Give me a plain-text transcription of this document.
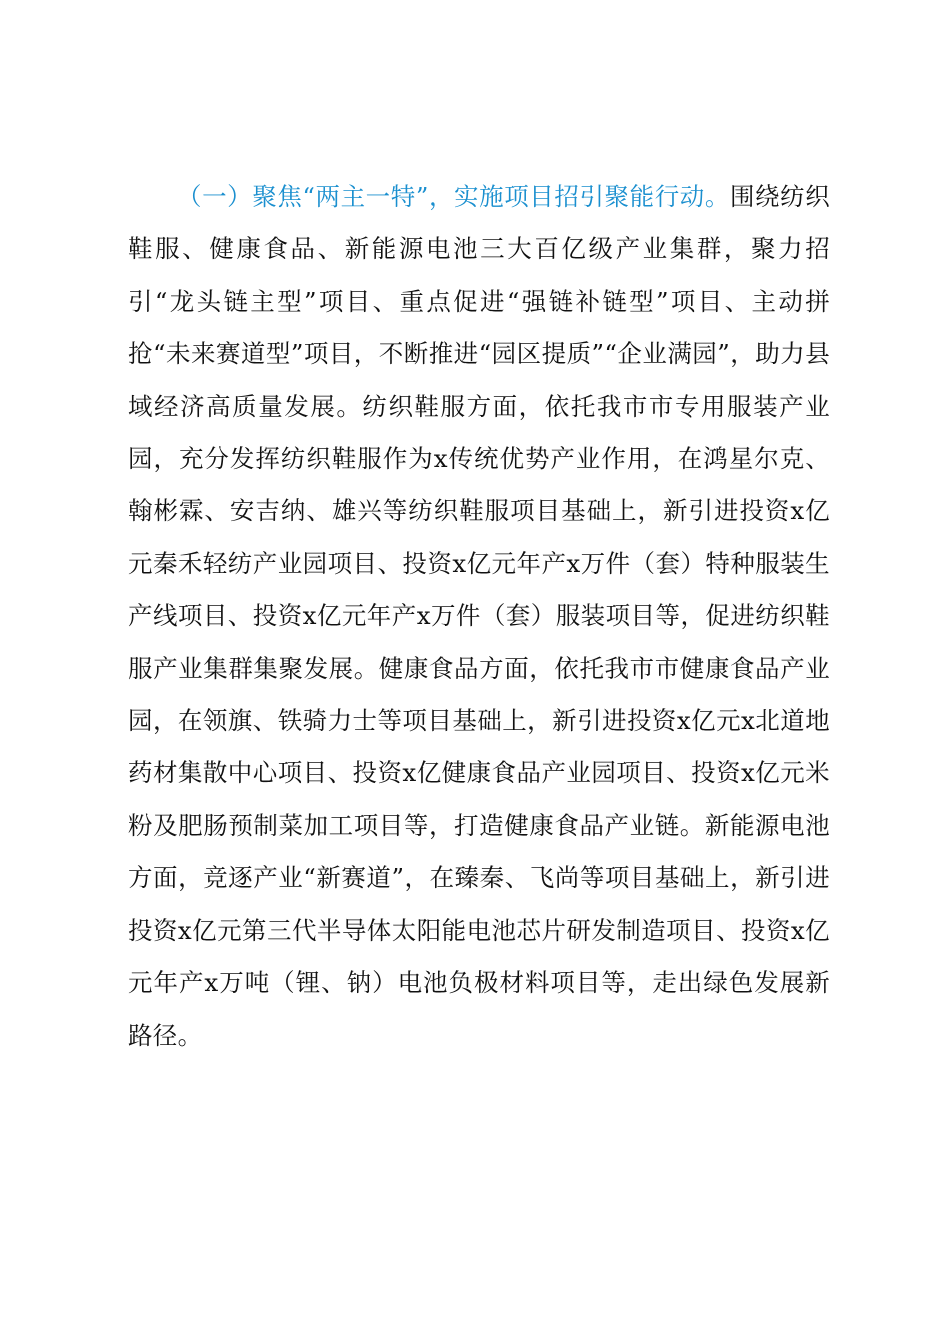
（一）聚焦“两主一特”，实施项目招引聚能行动。围绕纺织鞋服、健康食品、新能源电池三大百亿级产业集群，聚力招引“龙头链主型”项目、重点促进“强链补链型”项目、主动拼抢“未来赛道型”项目，不断推进“园区提质”“企业满园”，助力县域经济高质量发展。纺织鞋服方面，依托我市市专用服装产业园，充分发挥纺织鞋服作为x传统优势产业作用，在鸿星尔克、翰彬霖、安吉纳、雄兴等纺织鞋服项目基础上，新引进投资x亿元秦禾轻纺产业园项目、投资x亿元年产x万件（套）特种服装生产线项目、投资x亿元年产x万件（套）服装项目等，促进纺织鞋服产业集群集聚发展。健康食品方面，依托我市市健康食品产业园，在领旗、铁骑力士等项目基础上，新引进投资x亿元x北道地药材集散中心项目、投资x亿健康食品产业园项目、投资x亿元米粉及肥肠预制菜加工项目等，打造健康食品产业链。新能源电池方面，竞逐产业“新赛道”，在臻秦、飞尚等项目基础上，新引进投资x亿元第三代半导体太阳能电池芯片研发制造项目、投资x亿元年产x万吨（锂、钠）电池负极材料项目等，走出绿色发展新路径。
